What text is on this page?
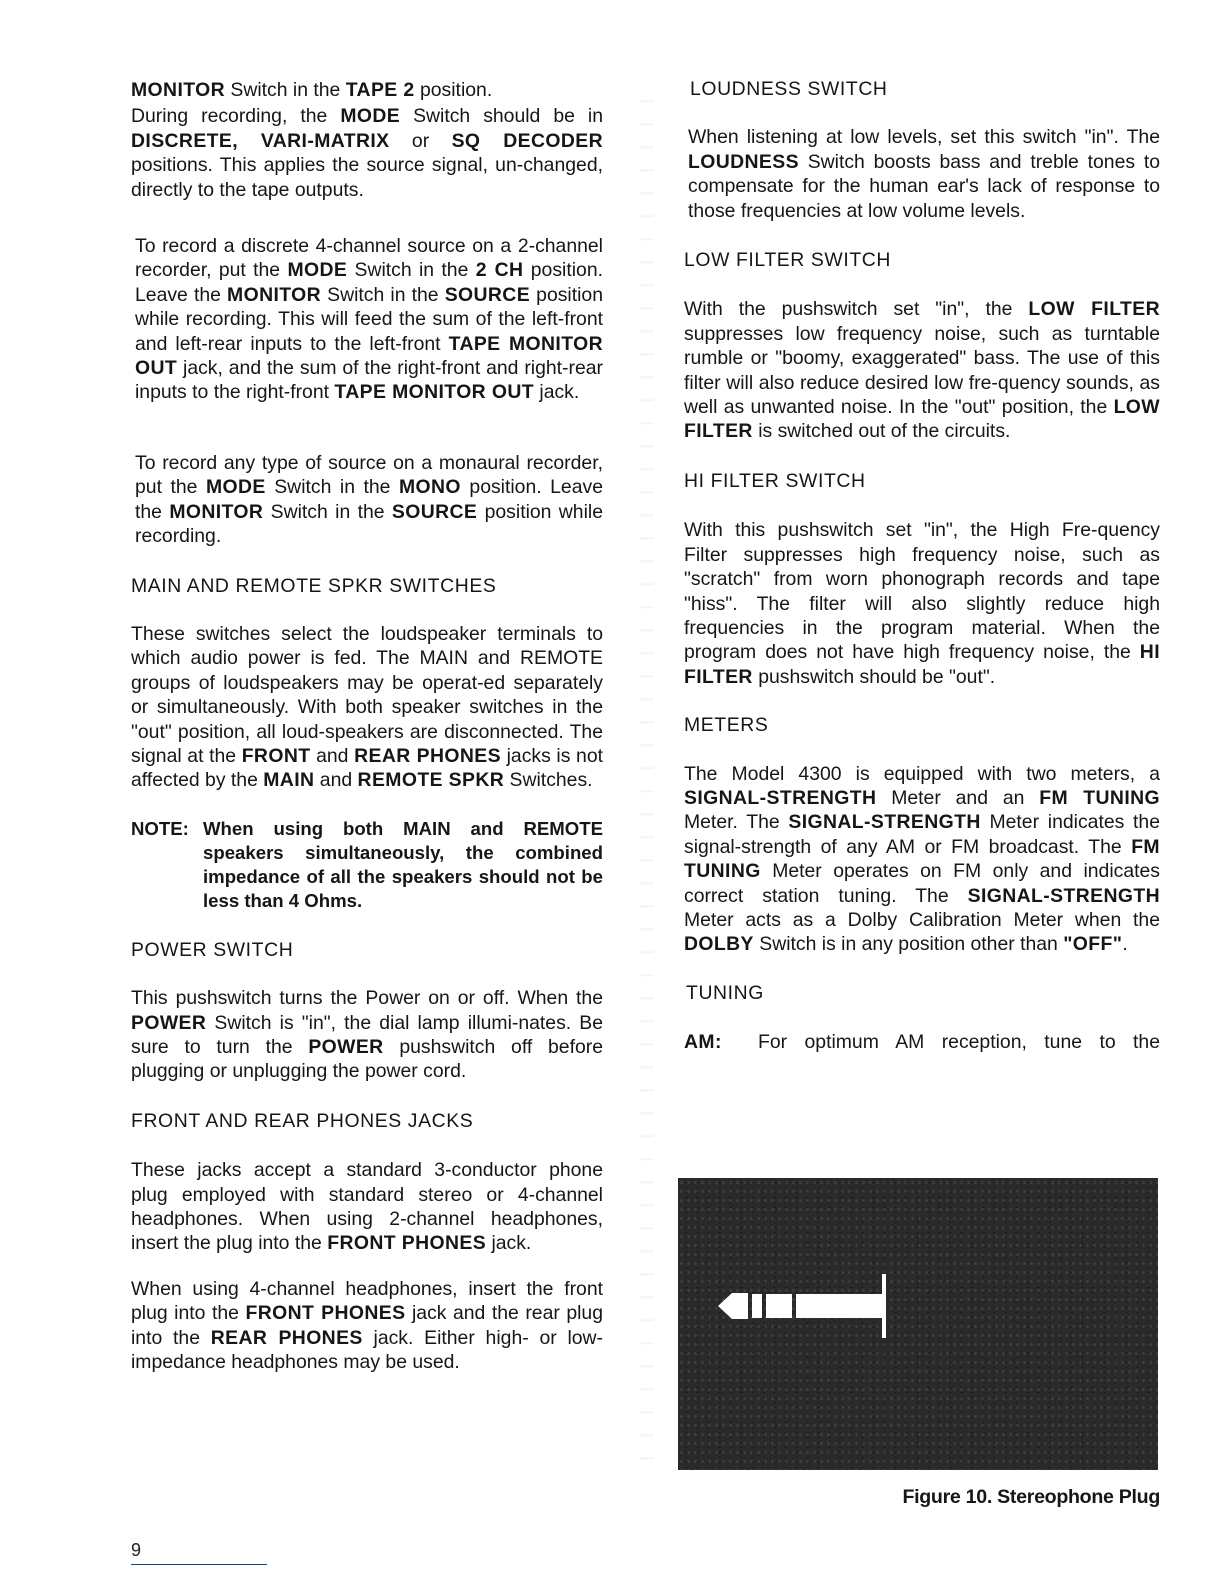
MONITOR Switch in the TAPE 2 position.

During recording, the MODE Switch should be in DISCRETE, VARI-MATRIX or SQ DECODER positions. This applies the source signal, un-changed, directly to the tape outputs.

To record a discrete 4-channel source on a 2-channel recorder, put the MODE Switch in the 2 CH position. Leave the MONITOR Switch in the SOURCE position while recording. This will feed the sum of the left-front and left-rear inputs to the left-front TAPE MONITOR OUT jack, and the sum of the right-front and right-rear inputs to the right-front TAPE MONITOR OUT jack.

To record any type of source on a monaural recorder, put the MODE Switch in the MONO position. Leave the MONITOR Switch in the SOURCE position while recording.

MAIN AND REMOTE SPKR SWITCHES

These switches select the loudspeaker terminals to which audio power is fed. The MAIN and REMOTE groups of loudspeakers may be operat-ed separately or simultaneously. With both speaker switches in the "out" position, all loud-speakers are disconnected. The signal at the FRONT and REAR PHONES jacks is not affected by the MAIN and REMOTE SPKR Switches.

NOTE: When using both MAIN and REMOTE speakers simultaneously, the combined impedance of all the speakers should not be less than 4 Ohms.
POWER SWITCH

This pushswitch turns the Power on or off. When the POWER Switch is "in", the dial lamp illumi-nates. Be sure to turn the POWER pushswitch off before plugging or unplugging the power cord.

FRONT AND REAR PHONES JACKS

These jacks accept a standard 3-conductor phone plug employed with standard stereo or 4-channel headphones. When using 2-channel headphones, insert the plug into the FRONT PHONES jack.

When using 4-channel headphones, insert the front plug into the FRONT PHONES jack and the rear plug into the REAR PHONES jack. Either high- or low-impedance headphones may be used.

LOUDNESS SWITCH

When listening at low levels, set this switch "in". The LOUDNESS Switch boosts bass and treble tones to compensate for the human ear's lack of response to those frequencies at low volume levels.

LOW FILTER SWITCH

With the pushswitch set "in", the LOW FILTER suppresses low frequency noise, such as turntable rumble or "boomy, exaggerated" bass. The use of this filter will also reduce desired low fre-quency sounds, as well as unwanted noise. In the "out" position, the LOW FILTER is switched out of the circuits.

HI FILTER SWITCH

With this pushswitch set "in", the High Fre-quency Filter suppresses high frequency noise, such as "scratch" from worn phonograph records and tape "hiss". The filter will also slightly reduce high frequencies in the program material. When the program does not have high frequency noise, the HI FILTER pushswitch should be "out".

METERS

The Model 4300 is equipped with two meters, a SIGNAL-STRENGTH Meter and an FM TUNING Meter. The SIGNAL-STRENGTH Meter indicates the signal-strength of any AM or FM broadcast. The FM TUNING Meter operates on FM only and indicates correct station tuning. The SIGNAL-STRENGTH Meter acts as a Dolby Calibration Meter when the DOLBY Switch is in any position other than "OFF".

TUNING

AM:	For optimum AM reception, tune to the

Figure 10. Stereophone Plug
9
